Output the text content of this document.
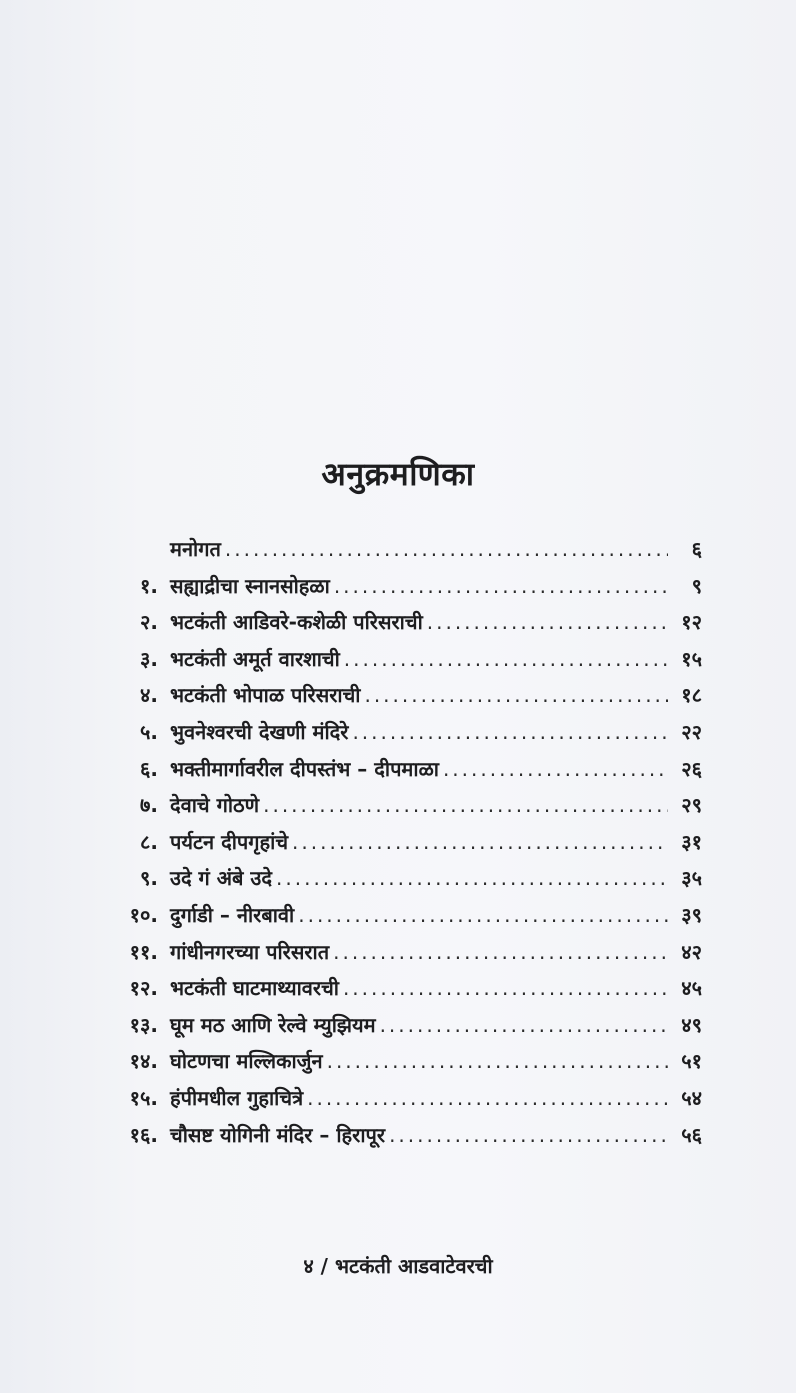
अनुक्रमणिका
मनोगत .....	६
१. सह्याद्रीचा स्नानसोहळा .....	९
२. भटकंती आडिवरे-कशेळी परिसराची .....	१२
३. भटकंती अमूर्त वारशाची .....	१५
४. भटकंती भोपाळ परिसराची .....	१८
५. भुवनेश्वरची देखणी मंदिरे .....	२२
६. भक्तीमार्गावरील दीपस्तंभ – दीपमाळा .....	२६
७. देवाचे गोठणे .....	२९
८. पर्यटन दीपगृहांचे .....	३१
९. उदे गं अंबे उदे .....	३५
१०. दुर्गाडी – नीरबावी .....	३९
११. गांधीनगरच्या परिसरात .....	४२
१२. भटकंती घाटमाथ्यावरची .....	४५
१३. घूम मठ आणि रेल्वे म्युझियम .....	४९
१४. घोटणचा मल्लिकार्जुन .....	५१
१५. हंपीमधील गुहाचित्रे .....	५४
१६. चौसष्ट योगिनी मंदिर – हिरापूर .....	५६
४ / भटकंती आडवाटेवरची
